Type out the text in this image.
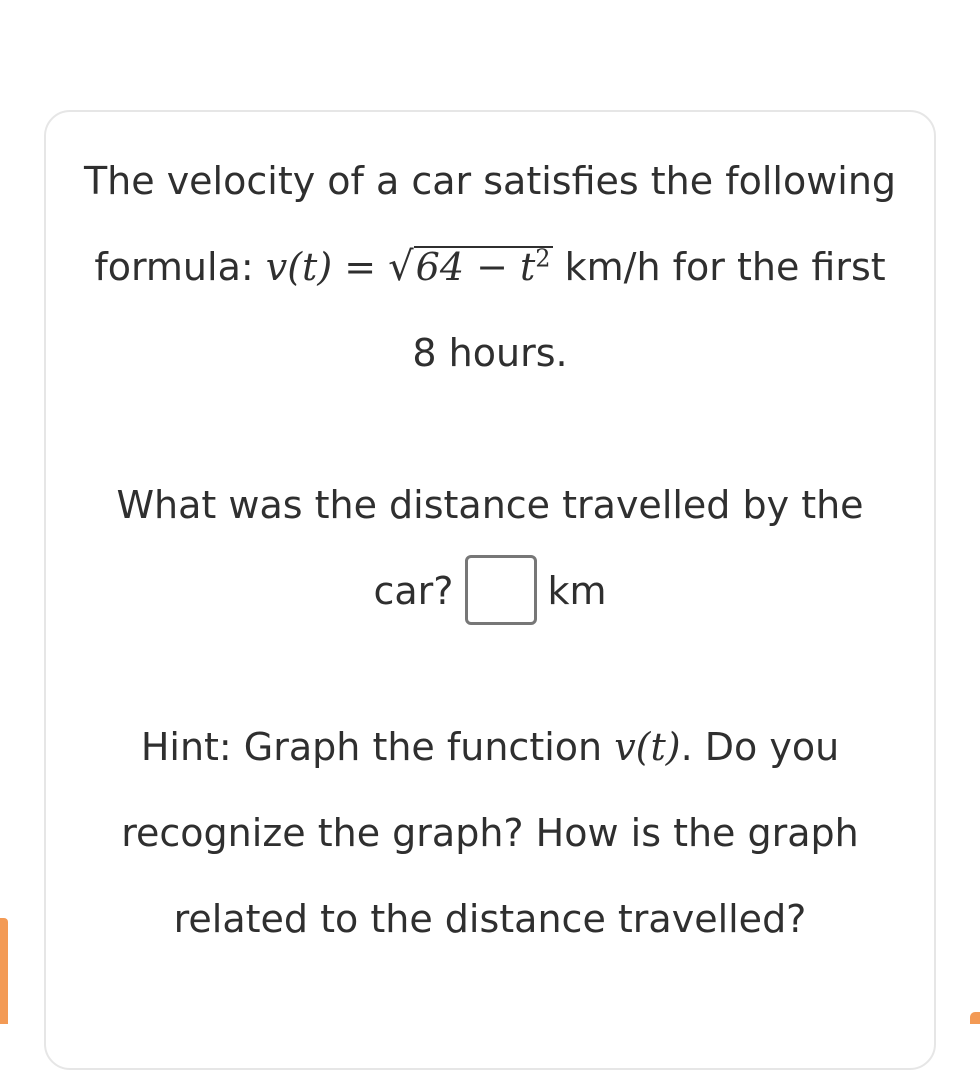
The velocity of a car satisfies the following
formula: $v(t) = √64 - t^2$ km/h for the first
8 hours.
What was the distance travelled by the
car? km
Hint: Graph the function v(t). Do you
recognize the graph? How is the graph
related to the distance travelled?
